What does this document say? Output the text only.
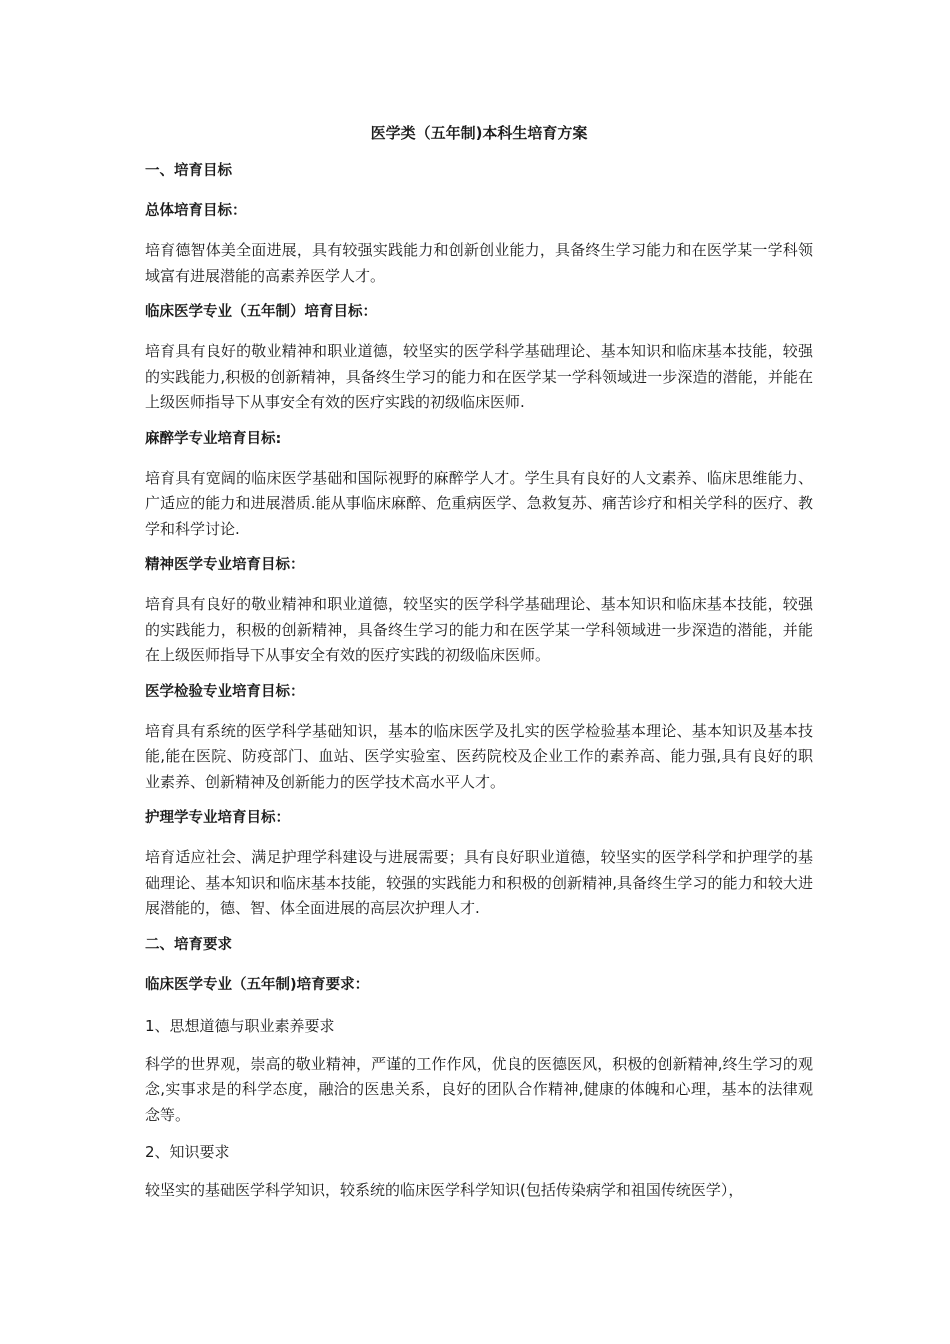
医学类（五年制)本科生培育方案
一、培育目标
总体培育目标：
培育德智体美全面进展，具有较强实践能力和创新创业能力，具备终生学习能力和在医学某一学科领域富有进展潜能的高素养医学人才。
临床医学专业（五年制）培育目标：
培育具有良好的敬业精神和职业道德，较坚实的医学科学基础理论、基本知识和临床基本技能，较强的实践能力,积极的创新精神，具备终生学习的能力和在医学某一学科领域进一步深造的潜能，并能在上级医师指导下从事安全有效的医疗实践的初级临床医师.
麻醉学专业培育目标:
培育具有宽阔的临床医学基础和国际视野的麻醉学人才。学生具有良好的人文素养、临床思维能力、广适应的能力和进展潜质.能从事临床麻醉、危重病医学、急救复苏、痛苦诊疗和相关学科的医疗、教学和科学讨论.
精神医学专业培育目标：
培育具有良好的敬业精神和职业道德，较坚实的医学科学基础理论、基本知识和临床基本技能，较强的实践能力，积极的创新精神，具备终生学习的能力和在医学某一学科领域进一步深造的潜能，并能在上级医师指导下从事安全有效的医疗实践的初级临床医师。
医学检验专业培育目标：
培育具有系统的医学科学基础知识，基本的临床医学及扎实的医学检验基本理论、基本知识及基本技能,能在医院、防疫部门、血站、医学实验室、医药院校及企业工作的素养高、能力强,具有良好的职业素养、创新精神及创新能力的医学技术高水平人才。
护理学专业培育目标：
培育适应社会、满足护理学科建设与进展需要；具有良好职业道德，较坚实的医学科学和护理学的基础理论、基本知识和临床基本技能，较强的实践能力和积极的创新精神,具备终生学习的能力和较大进展潜能的，德、智、体全面进展的高层次护理人才.
二、培育要求
临床医学专业（五年制)培育要求：
1、思想道德与职业素养要求
科学的世界观，崇高的敬业精神，严谨的工作作风，优良的医德医风，积极的创新精神,终生学习的观念,实事求是的科学态度，融洽的医患关系，良好的团队合作精神,健康的体魄和心理，基本的法律观念等。
2、知识要求
较坚实的基础医学科学知识，较系统的临床医学科学知识(包括传染病学和祖国传统医学），
